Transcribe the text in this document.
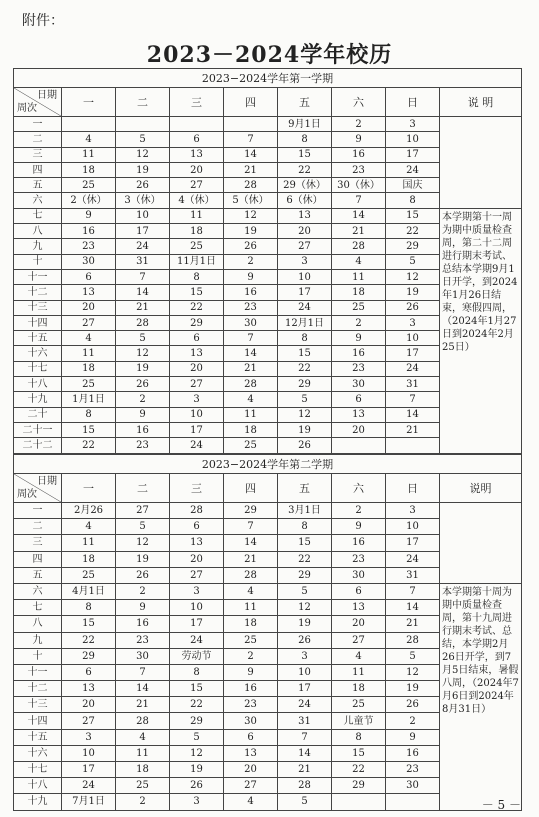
附件：
2023－2024学年校历
2023−2024学年第一学期								

日期
周次	一	二	三	四	五	六	日	说 明
一					9月1日	2	3	
二	4	5	6	7	8	9	10	
三	11	12	13	14	15	16	17	
四	18	19	20	21	22	23	24	
五	25	26	27	28	29（休）	30（休）	国庆	
六	2（休）	3（休）	4（休）	5（休）	6（休）	7	8	
七	9	10	11	12	13	14	15	本学期第十一周为期中质量检查周，第二十二周进行期末考试、总结本学期9月1日开学，到2024年1月26日结束，寒假四周，（2024年1月27日到2024年2月25日）

八	16	17	18	19	20	21	22	
九	23	24	25	26	27	28	29	
十	30	31	11月1日	2	3	4	5	
十一	6	7	8	9	10	11	12	
十二	13	14	15	16	17	18	19	
十三	20	21	22	23	24	25	26	
十四	27	28	29	30	12月1日	2	3	
十五	4	5	6	7	8	9	10	
十六	11	12	13	14	15	16	17	
十七	18	19	20	21	22	23	24	
十八	25	26	27	28	29	30	31	
十九	1月1日	2	3	4	5	6	7	
二十	8	9	10	11	12	13	14	
二十一	15	16	17	18	19	20	21	
二十二	22	23	24	25	26			
2023−2024学年第二学期								

日期
周次	一	二	三	四	五	六	日	说明
一	2月26	27	28	29	3月1日	2	3	
二	4	5	6	7	8	9	10	
三	11	12	13	14	15	16	17	
四	18	19	20	21	22	23	24	
五	25	26	27	28	29	30	31	
六	4月1日	2	3	4	5	6	7	本学期第十周为期中质量检查周，第十九周进行期末考试、总结，本学期2月26日开学，到7月5日结束，暑假八周，（2024年7月6日到2024年8月31日）

七	8	9	10	11	12	13	14	
八	15	16	17	18	19	20	21	
九	22	23	24	25	26	27	28	
十	29	30	劳动节	2	3	4	5	
十一	6	7	8	9	10	11	12	
十二	13	14	15	16	17	18	19	
十三	20	21	22	23	24	25	26	
十四	27	28	29	30	31	儿童节	2	
十五	3	4	5	6	7	8	9	
十六	10	11	12	13	14	15	16	
十七	17	18	19	20	21	22	23	
十八	24	25	26	27	28	29	30	
十九	7月1日	2	3	4	5				－ 5 －
